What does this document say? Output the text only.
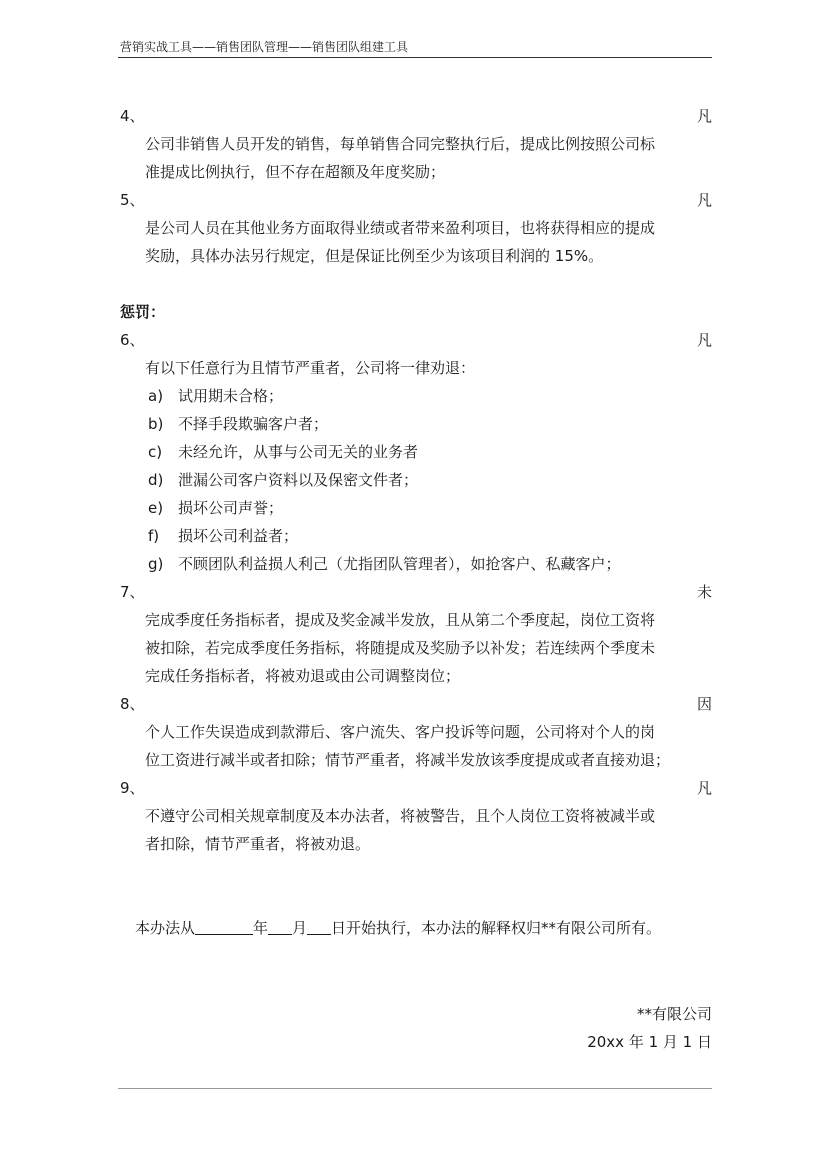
营销实战工具——销售团队管理——销售团队组建工具
4、	凡
公司非销售人员开发的销售，每单销售合同完整执行后，提成比例按照公司标
准提成比例执行，但不存在超额及年度奖励；
5、	凡
是公司人员在其他业务方面取得业绩或者带来盈利项目，也将获得相应的提成
奖励，具体办法另行规定，但是保证比例至少为该项目利润的 15%。
惩罚：
6、	凡
有以下任意行为且情节严重者，公司将一律劝退：
a) 试用期未合格；
b) 不择手段欺骗客户者；
c) 未经允许，从事与公司无关的业务者
d) 泄漏公司客户资料以及保密文件者；
e) 损坏公司声誉；
f) 损坏公司利益者；
g) 不顾团队利益损人利己（尤指团队管理者），如抢客户、私藏客户；
7、	未
完成季度任务指标者，提成及奖金减半发放，且从第二个季度起，岗位工资将
被扣除，若完成季度任务指标，将随提成及奖励予以补发；若连续两个季度未
完成任务指标者，将被劝退或由公司调整岗位；
8、	因
个人工作失误造成到款滞后、客户流失、客户投诉等问题，公司将对个人的岗
位工资进行减半或者扣除；情节严重者，将减半发放该季度提成或者直接劝退；
9、	凡
不遵守公司相关规章制度及本办法者，将被警告，且个人岗位工资将被减半或
者扣除，情节严重者，将被劝退。
本办法从	年 月 日开始执行，本办法的解释权归**有限公司所有。
**有限公司
20xx 年 1 月 1 日
